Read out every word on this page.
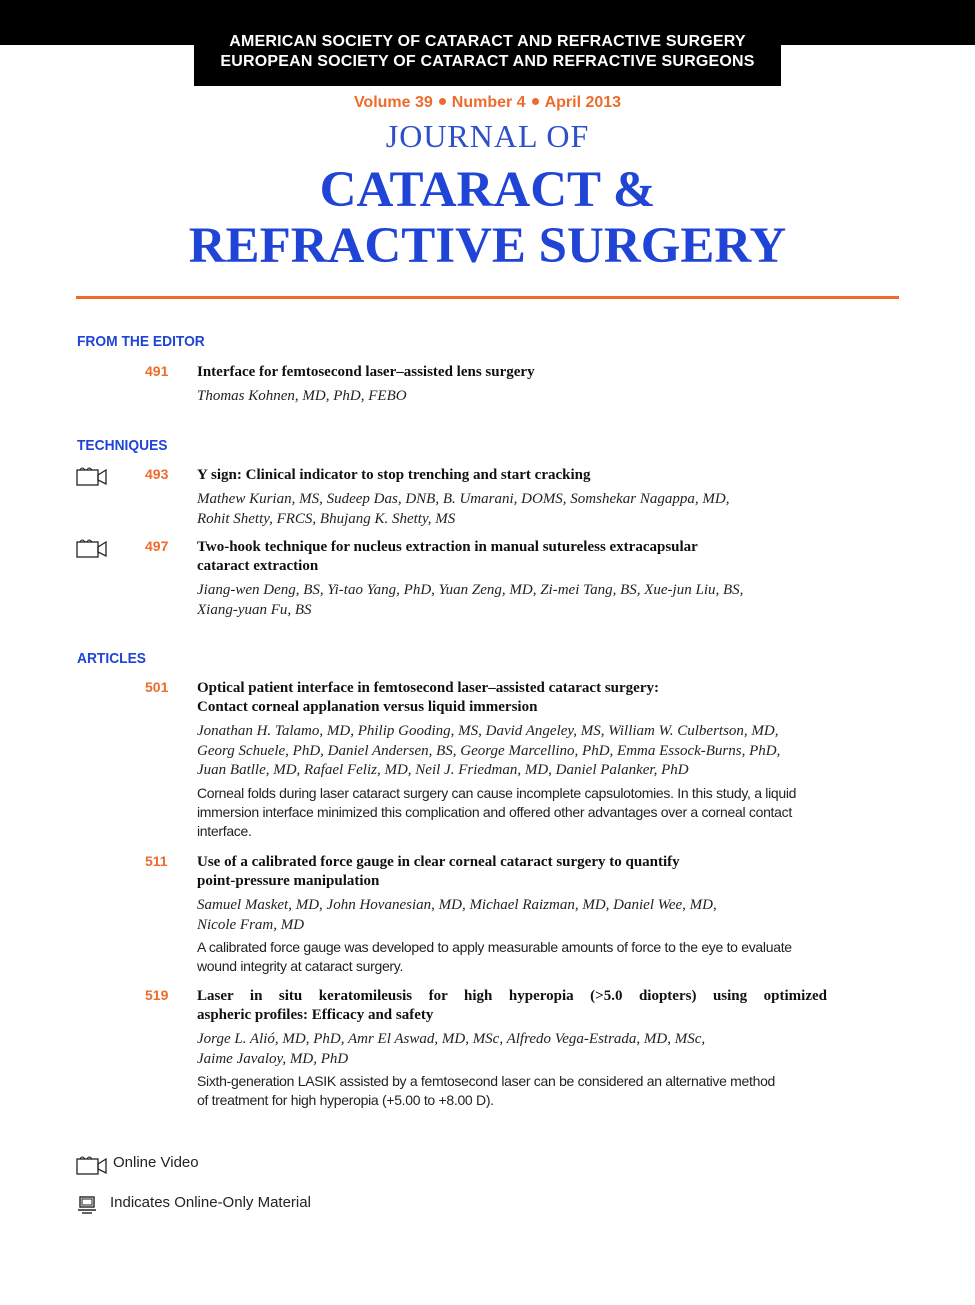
AMERICAN SOCIETY OF CATARACT AND REFRACTIVE SURGERY
EUROPEAN SOCIETY OF CATARACT AND REFRACTIVE SURGEONS
Volume 39 Number 4 April 2013
JOURNAL OF
CATARACT &
REFRACTIVE SURGERY
FROM THE EDITOR
491 Interface for femtosecond laser–assisted lens surgery
Thomas Kohnen, MD, PhD, FEBO
TECHNIQUES
493 Y sign: Clinical indicator to stop trenching and start cracking
Mathew Kurian, MS, Sudeep Das, DNB, B. Umarani, DOMS, Somshekar Nagappa, MD,
Rohit Shetty, FRCS, Bhujang K. Shetty, MS
497 Two-hook technique for nucleus extraction in manual sutureless extracapsular
cataract extraction
Jiang-wen Deng, BS, Yi-tao Yang, PhD, Yuan Zeng, MD, Zi-mei Tang, BS, Xue-jun Liu, BS,
Xiang-yuan Fu, BS
ARTICLES
501 Optical patient interface in femtosecond laser–assisted cataract surgery:
Contact corneal applanation versus liquid immersion
Jonathan H. Talamo, MD, Philip Gooding, MS, David Angeley, MS, William W. Culbertson, MD,
Georg Schuele, PhD, Daniel Andersen, BS, George Marcellino, PhD, Emma Essock-Burns, PhD,
Juan Batlle, MD, Rafael Feliz, MD, Neil J. Friedman, MD, Daniel Palanker, PhD
Corneal folds during laser cataract surgery can cause incomplete capsulotomies. In this study, a liquid
immersion interface minimized this complication and offered other advantages over a corneal contact
interface.
511 Use of a calibrated force gauge in clear corneal cataract surgery to quantify
point-pressure manipulation
Samuel Masket, MD, John Hovanesian, MD, Michael Raizman, MD, Daniel Wee, MD,
Nicole Fram, MD
A calibrated force gauge was developed to apply measurable amounts of force to the eye to evaluate
wound integrity at cataract surgery.
519 Laser in situ keratomileusis for high hyperopia (>5.0 diopters) using optimized
aspheric profiles: Efficacy and safety
Jorge L. Alió, MD, PhD, Amr El Aswad, MD, MSc, Alfredo Vega-Estrada, MD, MSc,
Jaime Javaloy, MD, PhD
Sixth-generation LASIK assisted by a femtosecond laser can be considered an alternative method
of treatment for high hyperopia (+5.00 to +8.00 D).
Online Video
Indicates Online-Only Material
